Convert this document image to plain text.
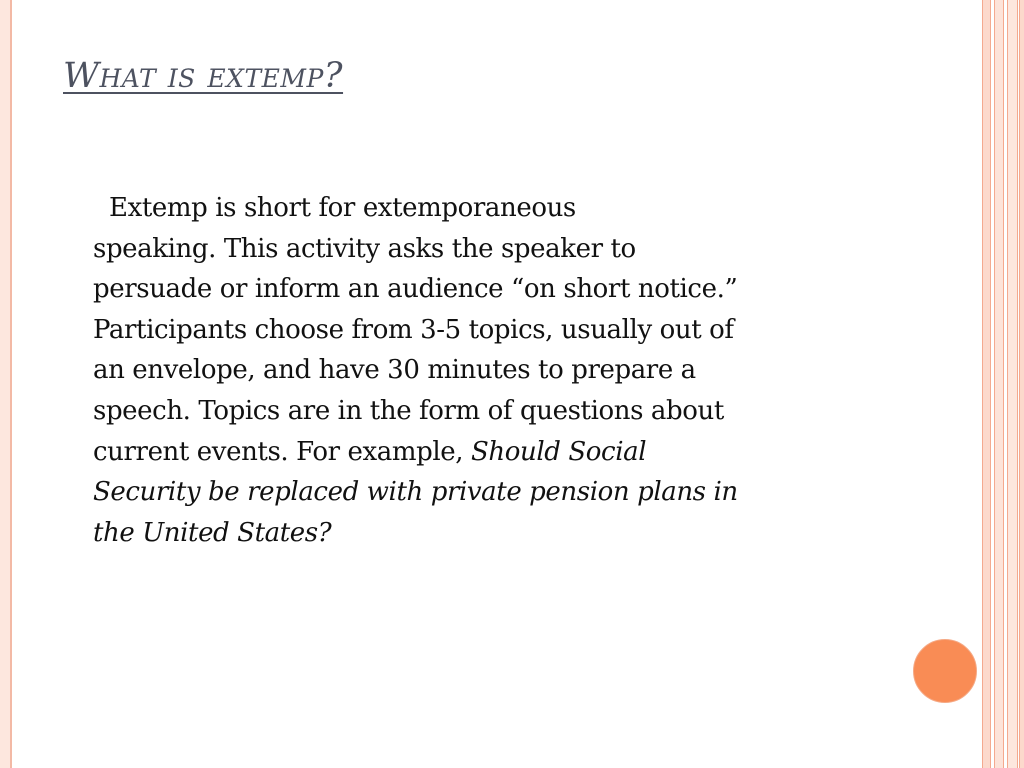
What is extemp?
Extemp is short for extemporaneous
speaking. This activity asks the speaker to
persuade or inform an audience “on short notice.”
Participants choose from 3-5 topics, usually out of
an envelope, and have 30 minutes to prepare a
speech. Topics are in the form of questions about
current events. For example, Should Social
Security be replaced with private pension plans in
the United States?
